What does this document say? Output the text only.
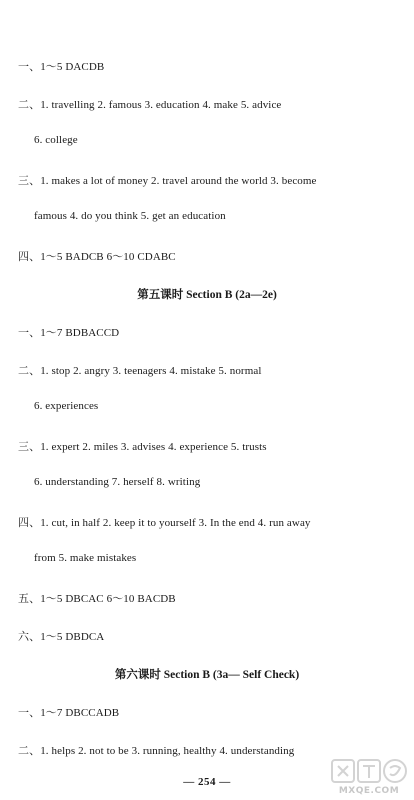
一、1～5 DACDB
二、1. travelling 2. famous 3. education 4. make 5. advice
6. college
三、1. makes a lot of money 2. travel around the world 3. become
famous 4. do you think 5. get an education
四、1～5 BADCB 6～10 CDABC
第五课时 Section B (2a—2e)
一、1～7 BDBACCD
二、1. stop 2. angry 3. teenagers 4. mistake 5. normal
6. experiences
三、1. expert 2. miles 3. advises 4. experience 5. trusts
6. understanding 7. herself 8. writing
四、1. cut, in half 2. keep it to yourself 3. In the end 4. run away
from 5. make mistakes
五、1～5 DBCAC 6～10 BACDB
六、1～5 DBDCA
第六课时 Section B (3a— Self Check)
一、1～7 DBCCADB
二、1. helps 2. not to be 3. running, healthy 4. understanding
— 254 —
MXQE.COM
